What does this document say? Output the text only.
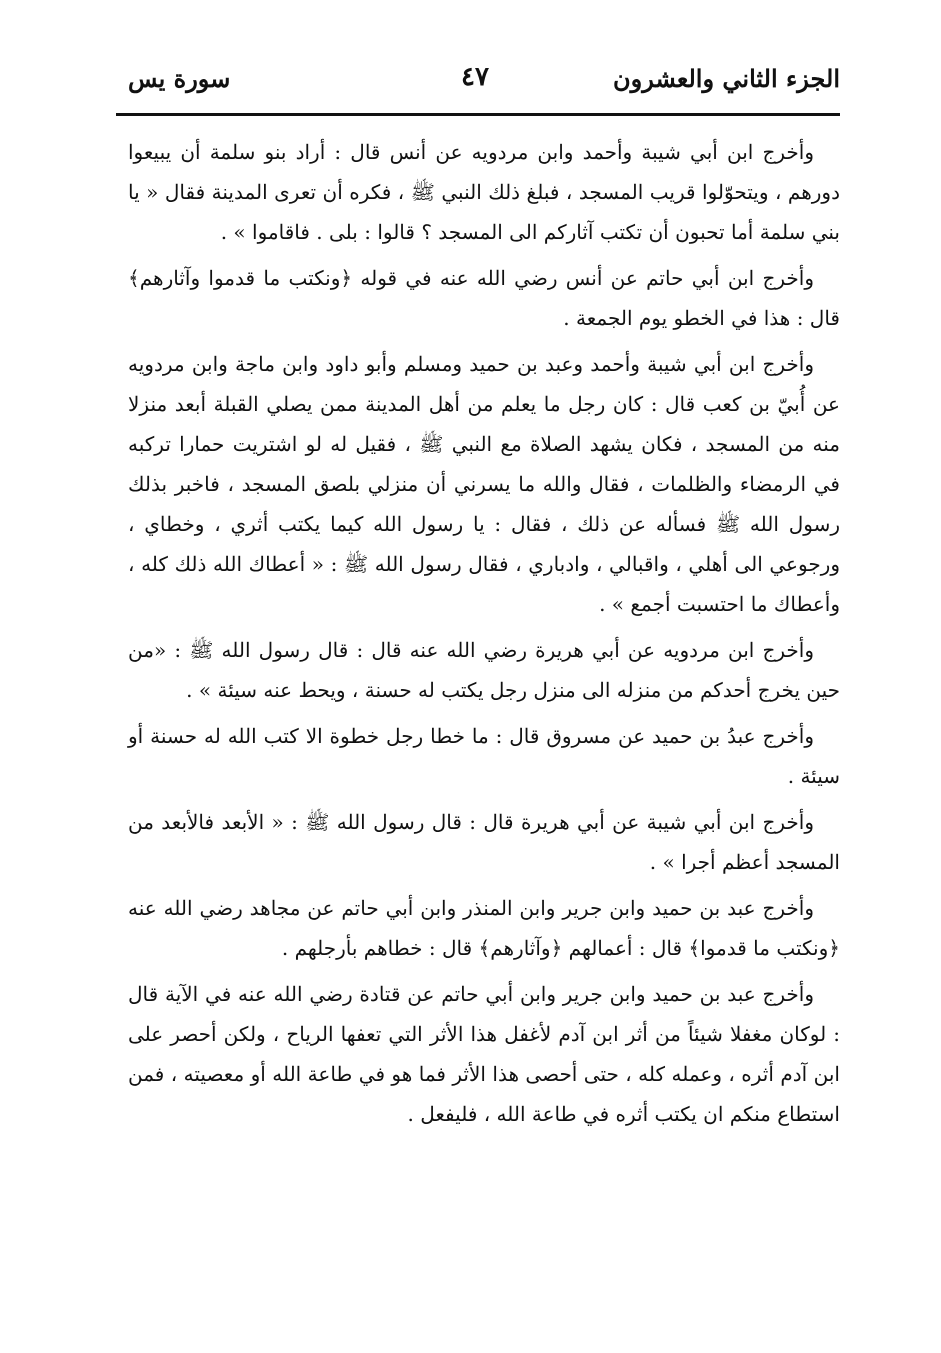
الجزء الثاني والعشرون
٤٧
سورة يس

وأخرج ابن أبي شيبة وأحمد وابن مردويه عن أنس قال : أراد بنو سلمة أن يبيعوا دورهم ، ويتحوّلوا قريب المسجد ، فبلغ ذلك النبي ﷺ ، فكره أن تعرى المدينة فقال « يا بني سلمة أما تحبون أن تكتب آثاركم الى المسجد ؟ قالوا : بلى . فاقاموا » .

وأخرج ابن أبي حاتم عن أنس رضي الله عنه في قوله ﴿ونكتب ما قدموا وآثارهم﴾ قال : هذا في الخطو يوم الجمعة .

وأخرج ابن أبي شيبة وأحمد وعبد بن حميد ومسلم وأبو داود وابن ماجة وابن مردويه عن أُبيّ بن كعب قال : كان رجل ما يعلم من أهل المدينة ممن يصلي القبلة أبعد منزلا منه من المسجد ، فكان يشهد الصلاة مع النبي ﷺ ، فقيل له لو اشتريت حمارا تركبه في الرمضاء والظلمات ، فقال والله ما يسرني أن منزلي بلصق المسجد ، فاخبر بذلك رسول الله ﷺ فسأله عن ذلك ، فقال : يا رسول الله كيما يكتب أثري ، وخطاي ، ورجوعي الى أهلي ، واقبالي ، وادباري ، فقال رسول الله ﷺ : « أعطاك الله ذلك كله ، وأعطاك ما احتسبت أجمع » .

وأخرج ابن مردويه عن أبي هريرة رضي الله عنه قال : قال رسول الله ﷺ : «من حين يخرج أحدكم من منزله الى منزل رجل يكتب له حسنة ، ويحط عنه سيئة » .

وأخرج عبدُ بن حميد عن مسروق قال : ما خطا رجل خطوة الا كتب الله له حسنة أو سيئة .

وأخرج ابن أبي شيبة عن أبي هريرة قال : قال رسول الله ﷺ : « الأبعد فالأبعد من المسجد أعظم أجرا » .

وأخرج عبد بن حميد وابن جرير وابن المنذر وابن أبي حاتم عن مجاهد رضي الله عنه ﴿ونكتب ما قدموا﴾ قال : أعمالهم ﴿وآثارهم﴾ قال : خطاهم بأرجلهم .

وأخرج عبد بن حميد وابن جرير وابن أبي حاتم عن قتادة رضي الله عنه في الآية قال : لوكان مغفلا شيئاً من أثر ابن آدم لأغفل هذا الأثر التي تعفها الرياح ، ولكن أحصر على ابن آدم أثره ، وعمله كله ، حتى أحصى هذا الأثر فما هو في طاعة الله أو معصيته ، فمن استطاع منكم ان يكتب أثره في طاعة الله ، فليفعل .
